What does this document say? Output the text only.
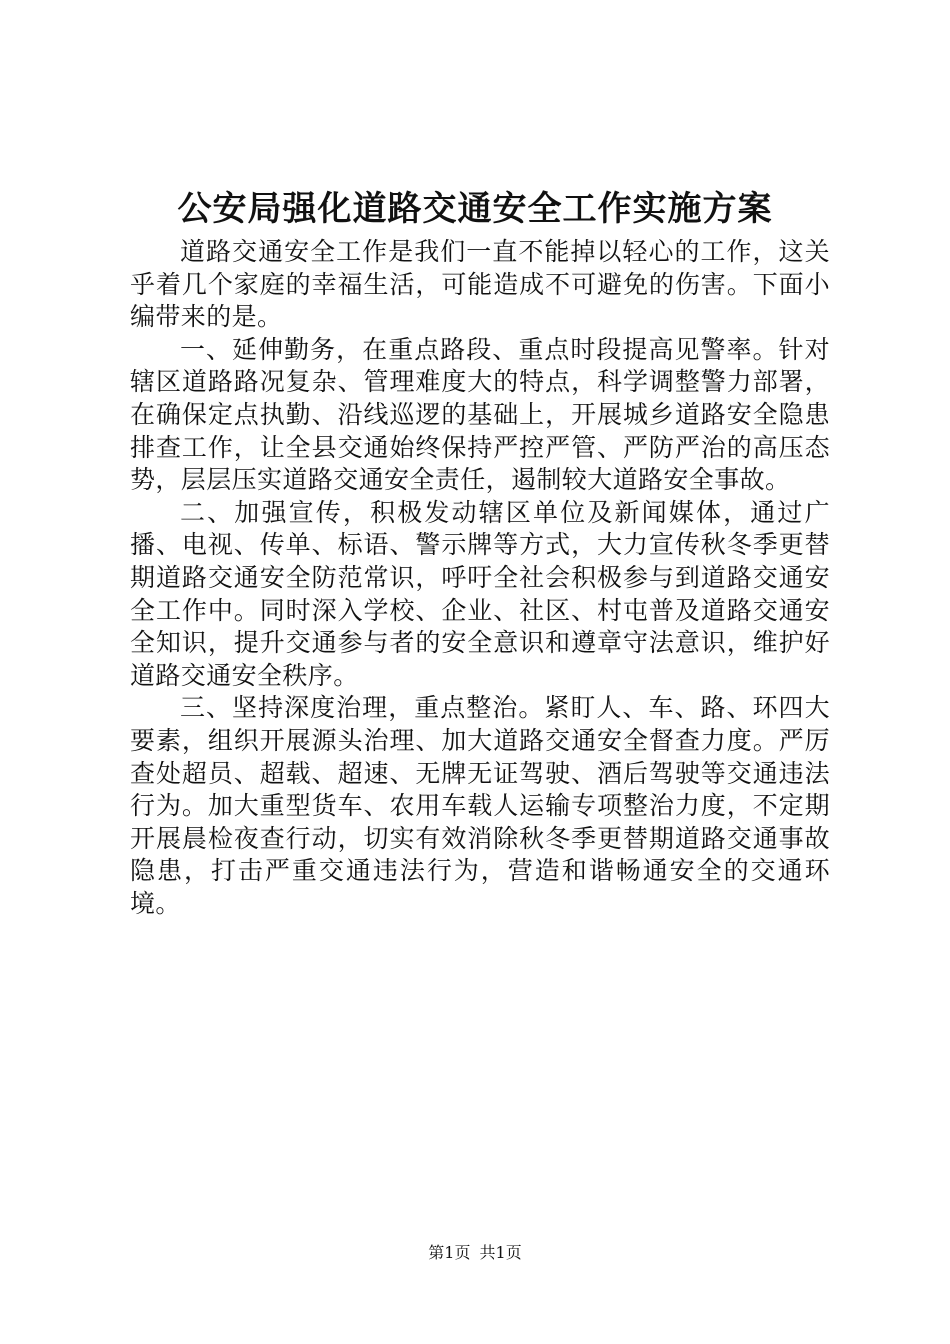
公安局强化道路交通安全工作实施方案

道路交通安全工作是我们一直不能掉以轻心的工作，这关乎着几个家庭的幸福生活，可能造成不可避免的伤害。下面小编带来的是。

一、延伸勤务，在重点路段、重点时段提高见警率。针对辖区道路路况复杂、管理难度大的特点，科学调整警力部署，在确保定点执勤、沿线巡逻的基础上，开展城乡道路安全隐患排查工作，让全县交通始终保持严控严管、严防严治的高压态势，层层压实道路交通安全责任，遏制较大道路安全事故。

二、加强宣传，积极发动辖区单位及新闻媒体，通过广播、电视、传单、标语、警示牌等方式，大力宣传秋冬季更替期道路交通安全防范常识，呼吁全社会积极参与到道路交通安全工作中。同时深入学校、企业、社区、村屯普及道路交通安全知识，提升交通参与者的安全意识和遵章守法意识，维护好道路交通安全秩序。

三、坚持深度治理，重点整治。紧盯人、车、路、环四大要素，组织开展源头治理、加大道路交通安全督查力度。严厉查处超员、超载、超速、无牌无证驾驶、酒后驾驶等交通违法行为。加大重型货车、农用车载人运输专项整治力度，不定期开展晨检夜查行动，切实有效消除秋冬季更替期道路交通事故隐患，打击严重交通违法行为，营造和谐畅通安全的交通环境。

第1页 共1页
